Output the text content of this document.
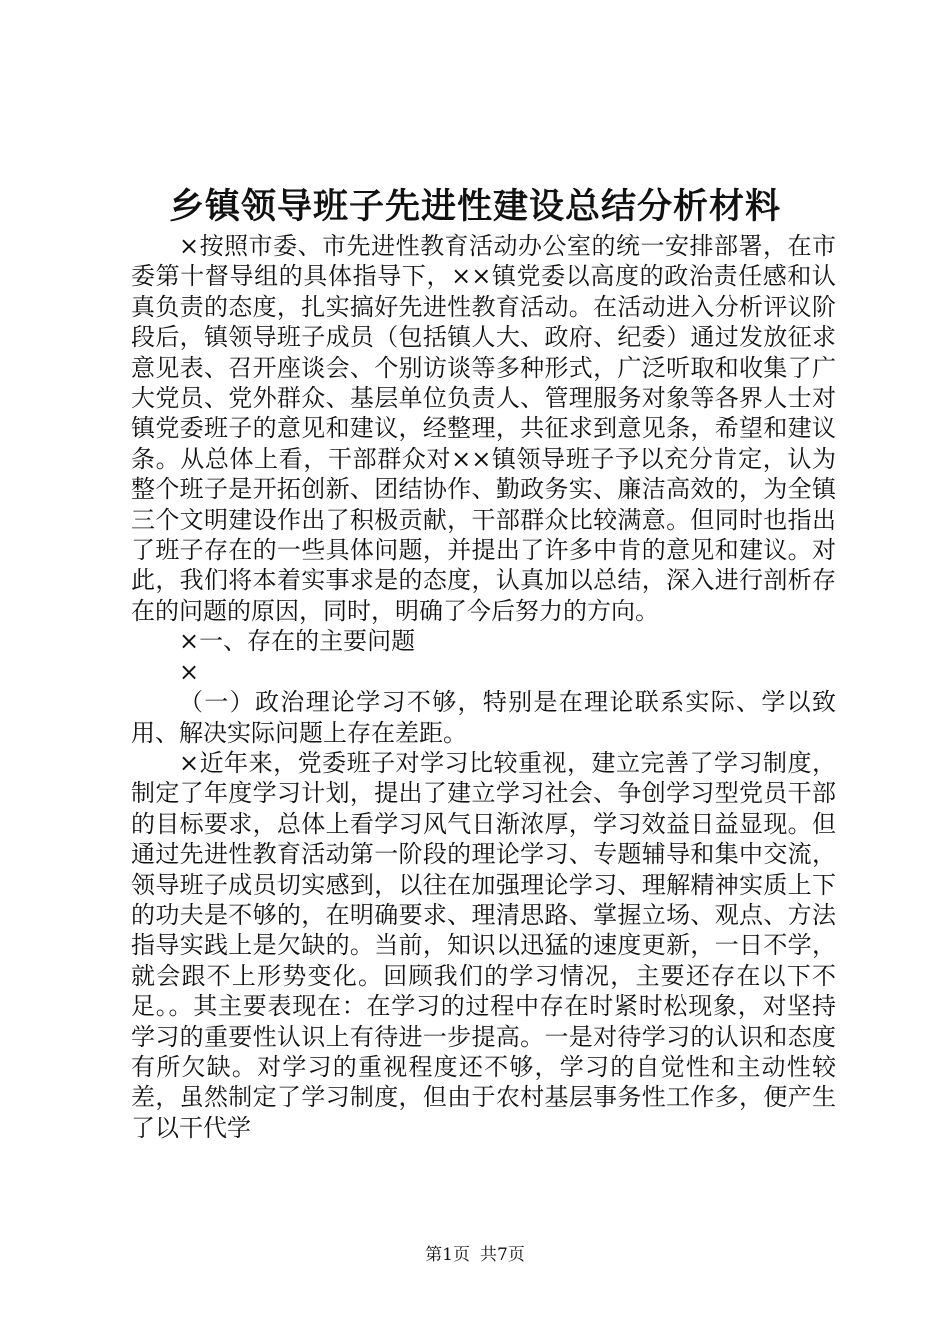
乡镇领导班子先进性建设总结分析材料

×按照市委、市先进性教育活动办公室的统一安排部署，在市委第十督导组的具体指导下，××镇党委以高度的政治责任感和认真负责的态度，扎实搞好先进性教育活动。在活动进入分析评议阶段后，镇领导班子成员（包括镇人大、政府、纪委）通过发放征求意见表、召开座谈会、个别访谈等多种形式，广泛听取和收集了广大党员、党外群众、基层单位负责人、管理服务对象等各界人士对镇党委班子的意见和建议，经整理，共征求到意见条，希望和建议条。从总体上看，干部群众对××镇领导班子予以充分肯定，认为整个班子是开拓创新、团结协作、勤政务实、廉洁高效的，为全镇三个文明建设作出了积极贡献，干部群众比较满意。但同时也指出了班子存在的一些具体问题，并提出了许多中肯的意见和建议。对此，我们将本着实事求是的态度，认真加以总结，深入进行剖析存在的问题的原因，同时，明确了今后努力的方向。

×一、存在的主要问题

×

（一）政治理论学习不够，特别是在理论联系实际、学以致用、解决实际问题上存在差距。

×近年来，党委班子对学习比较重视，建立完善了学习制度，制定了年度学习计划，提出了建立学习社会、争创学习型党员干部的目标要求，总体上看学习风气日渐浓厚，学习效益日益显现。但通过先进性教育活动第一阶段的理论学习、专题辅导和集中交流，领导班子成员切实感到，以往在加强理论学习、理解精神实质上下的功夫是不够的，在明确要求、理清思路、掌握立场、观点、方法指导实践上是欠缺的。当前，知识以迅猛的速度更新，一日不学，就会跟不上形势变化。回顾我们的学习情况，主要还存在以下不足。。其主要表现在：在学习的过程中存在时紧时松现象，对坚持学习的重要性认识上有待进一步提高。一是对待学习的认识和态度有所欠缺。对学习的重视程度还不够，学习的自觉性和主动性较差，虽然制定了学习制度，但由于农村基层事务性工作多，便产生了以干代学

第1页 共7页
